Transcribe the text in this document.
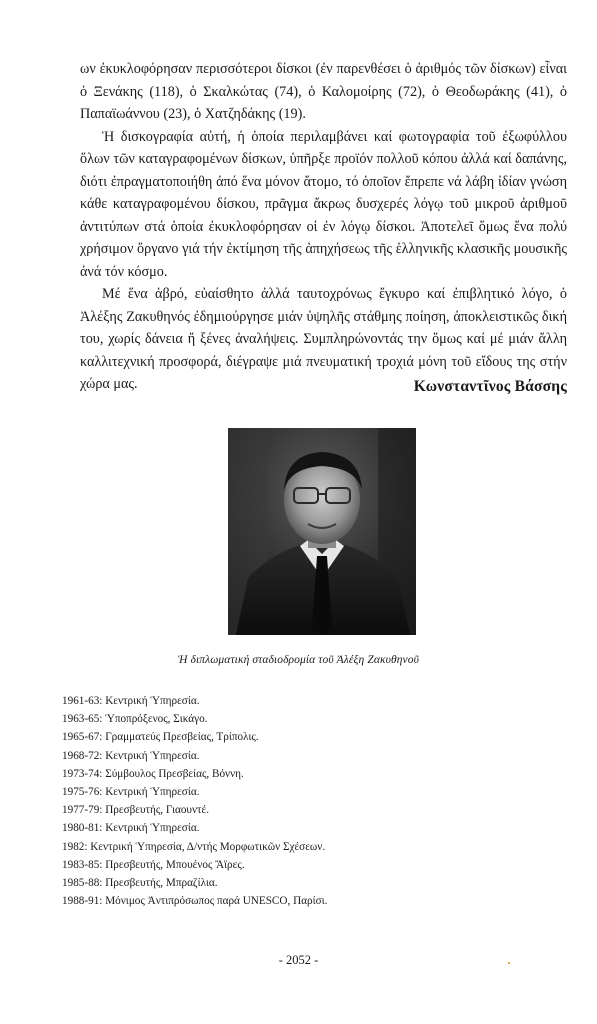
ων ἐκυκλοφόρησαν περισσότεροι δίσκοι (ἐν παρενθέσει ὁ ἀριθμός τῶν δίσκων) εἶναι ὁ Ξενάκης (118), ὁ Σκαλκώτας (74), ὁ Καλομοίρης (72), ὁ Θεοδωράκης (41), ὁ Παπαϊωάννου (23), ὁ Χατζηδάκης (19).

Ἡ δισκογραφία αὐτή, ἡ ὁποία περιλαμβάνει καί φωτογραφία τοῦ ἐξωφύλλου ὅλων τῶν καταγραφομένων δίσκων, ὑπῆρξε προϊόν πολλοῦ κόπου ἀλλά καί δαπάνης, διότι ἐπραγματοποιήθη ἀπό ἕνα μόνον ἄτομο, τό ὁποῖον ἔπρεπε νά λάβη ἰδίαν γνώση κάθε καταγραφομένου δίσκου, πρᾶγμα ἄκρως δυσχερές λόγῳ τοῦ μικροῦ ἀριθμοῦ ἀντιτύπων στά ὁποία ἐκυκλοφόρησαν οἱ ἐν λόγῳ δίσκοι. Ἀποτελεῖ ὅμως ἕνα πολύ χρήσιμον ὄργανο γιά τήν ἐκτίμηση τῆς ἀπηχήσεως τῆς ἑλληνικῆς κλασικῆς μουσικῆς ἀνά τόν κόσμο.

Μέ ἕνα ἁβρό, εὐαίσθητο ἀλλά ταυτοχρόνως ἔγκυρο καί ἐπιβλητικό λόγο, ὁ Ἀλέξης Ζακυθηνός ἐδημιούργησε μιάν ὑψηλῆς στάθμης ποίηση, ἀποκλειστικῶς δική του, χωρίς δάνεια ἤ ξένες ἀναλήψεις. Συμπληρώνοντάς την ὅμως καί μέ μιάν ἄλλη καλλιτεχνική προσφορά, διέγραψε μιά πνευματική τροχιά μόνη τοῦ εἴδους της στήν χώρα μας.	Κωνσταντῖνος Βάσσης
Ἡ διπλωματική σταδιοδρομία τοῦ Ἀλέξη Ζακυθηνοῦ
1961-63: Κεντρική Ὑπηρεσία.
1963-65: Ὑποπρόξενος, Σικάγο.
1965-67: Γραμματεύς Πρεσβείας, Τρίπολις.
1968-72: Κεντρική Ὑπηρεσία.
1973-74: Σύμβουλος Πρεσβείας, Βόννη.
1975-76: Κεντρική Ὑπηρεσία.
1977-79: Πρεσβευτής, Γιαουντέ.
1980-81: Κεντρική Ὑπηρεσία.
1982: Κεντρική Ὑπηρεσία, Δ/ντής Μορφωτικῶν Σχέσεων.
1983-85: Πρεσβευτής, Μπουένος Ἄϊρες.
1985-88: Πρεσβευτής, Μπραζίλια.
1988-91: Μόνιμος Ἀντιπρόσωπος παρά UNESCO, Παρίσι.
- 2052 -
